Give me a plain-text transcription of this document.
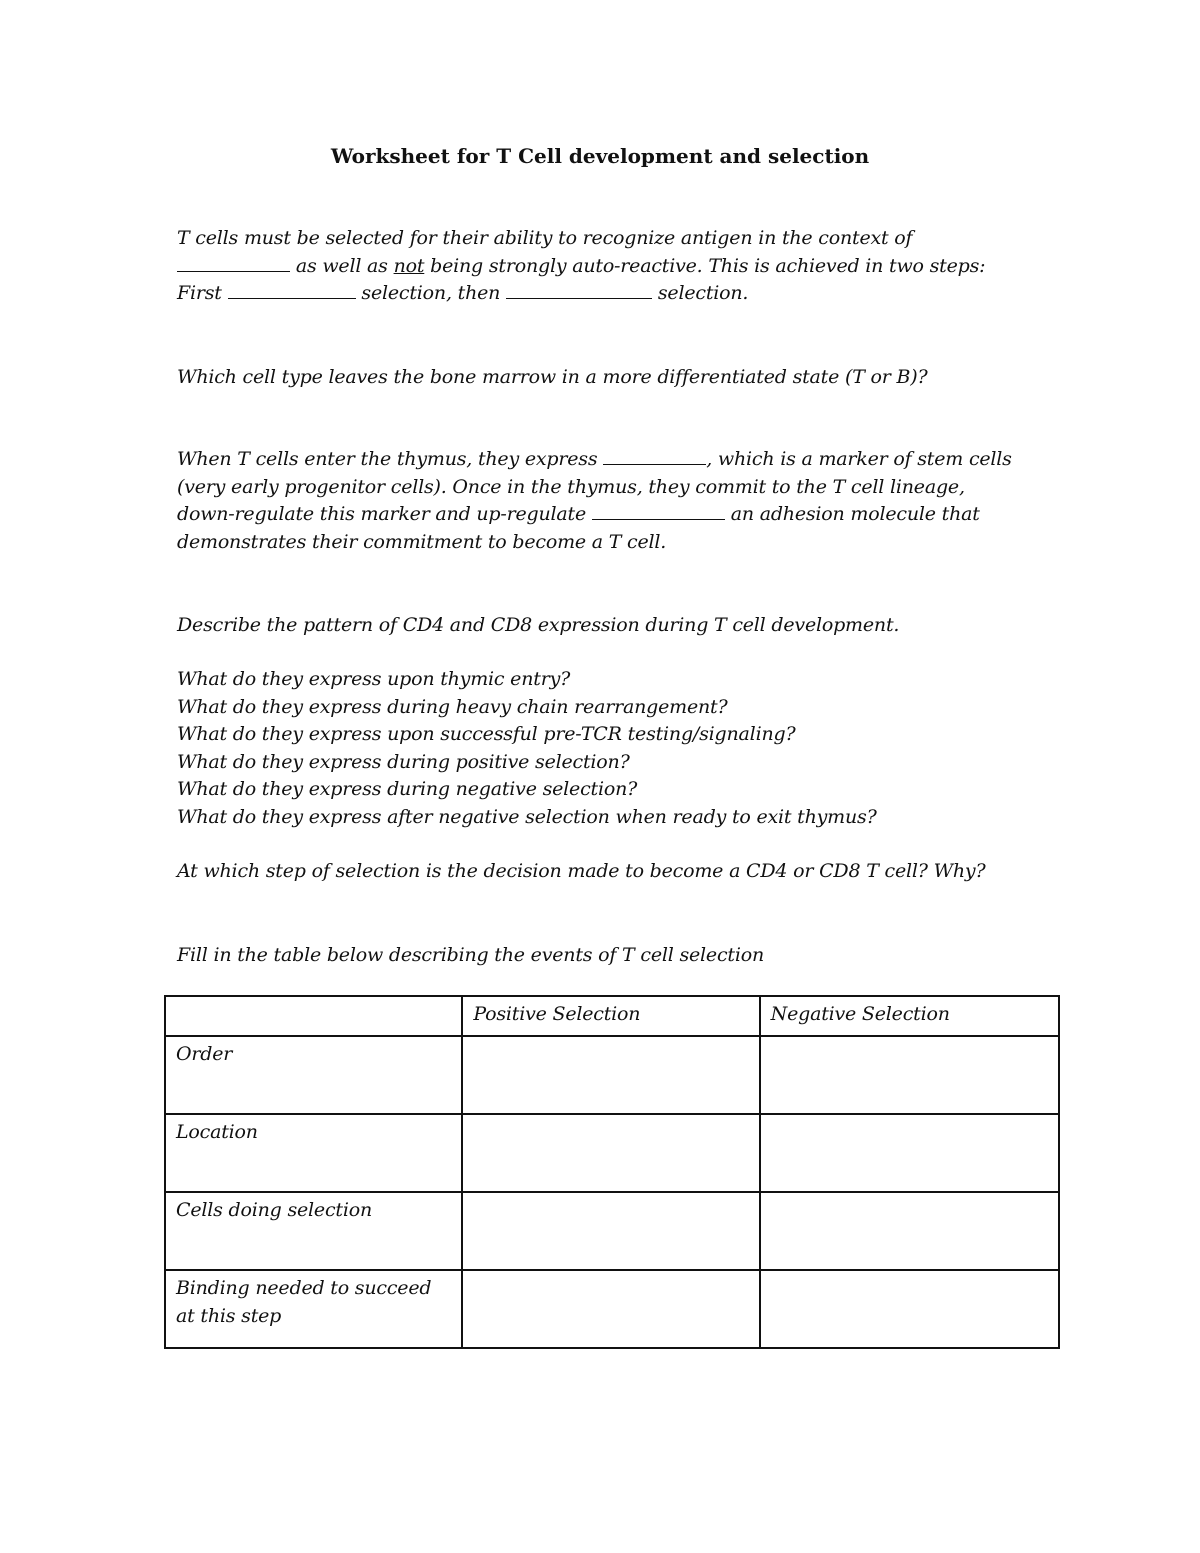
Worksheet for T Cell development and selection
T cells must be selected for their ability to recognize antigen in the context of
as well as not being strongly auto-reactive. This is achieved in two steps:
First	selection, then	selection.
Which cell type leaves the bone marrow in a more differentiated state (T or B)?
When T cells enter the thymus, they express	, which is a marker of stem cells
(very early progenitor cells). Once in the thymus, they commit to the T cell lineage,
down-regulate this marker and up-regulate	an adhesion molecule that
demonstrates their commitment to become a T cell.
Describe the pattern of CD4 and CD8 expression during T cell development.
What do they express upon thymic entry?
What do they express during heavy chain rearrangement?
What do they express upon successful pre-TCR testing/signaling?
What do they express during positive selection?
What do they express during negative selection?
What do they express after negative selection when ready to exit thymus?
At which step of selection is the decision made to become a CD4 or CD8 T cell? Why?
Fill in the table below describing the events of T cell selection
	Positive Selection	Negative Selection

Order		

Location		

Cells doing selection		

Binding needed to succeed
at this step		
